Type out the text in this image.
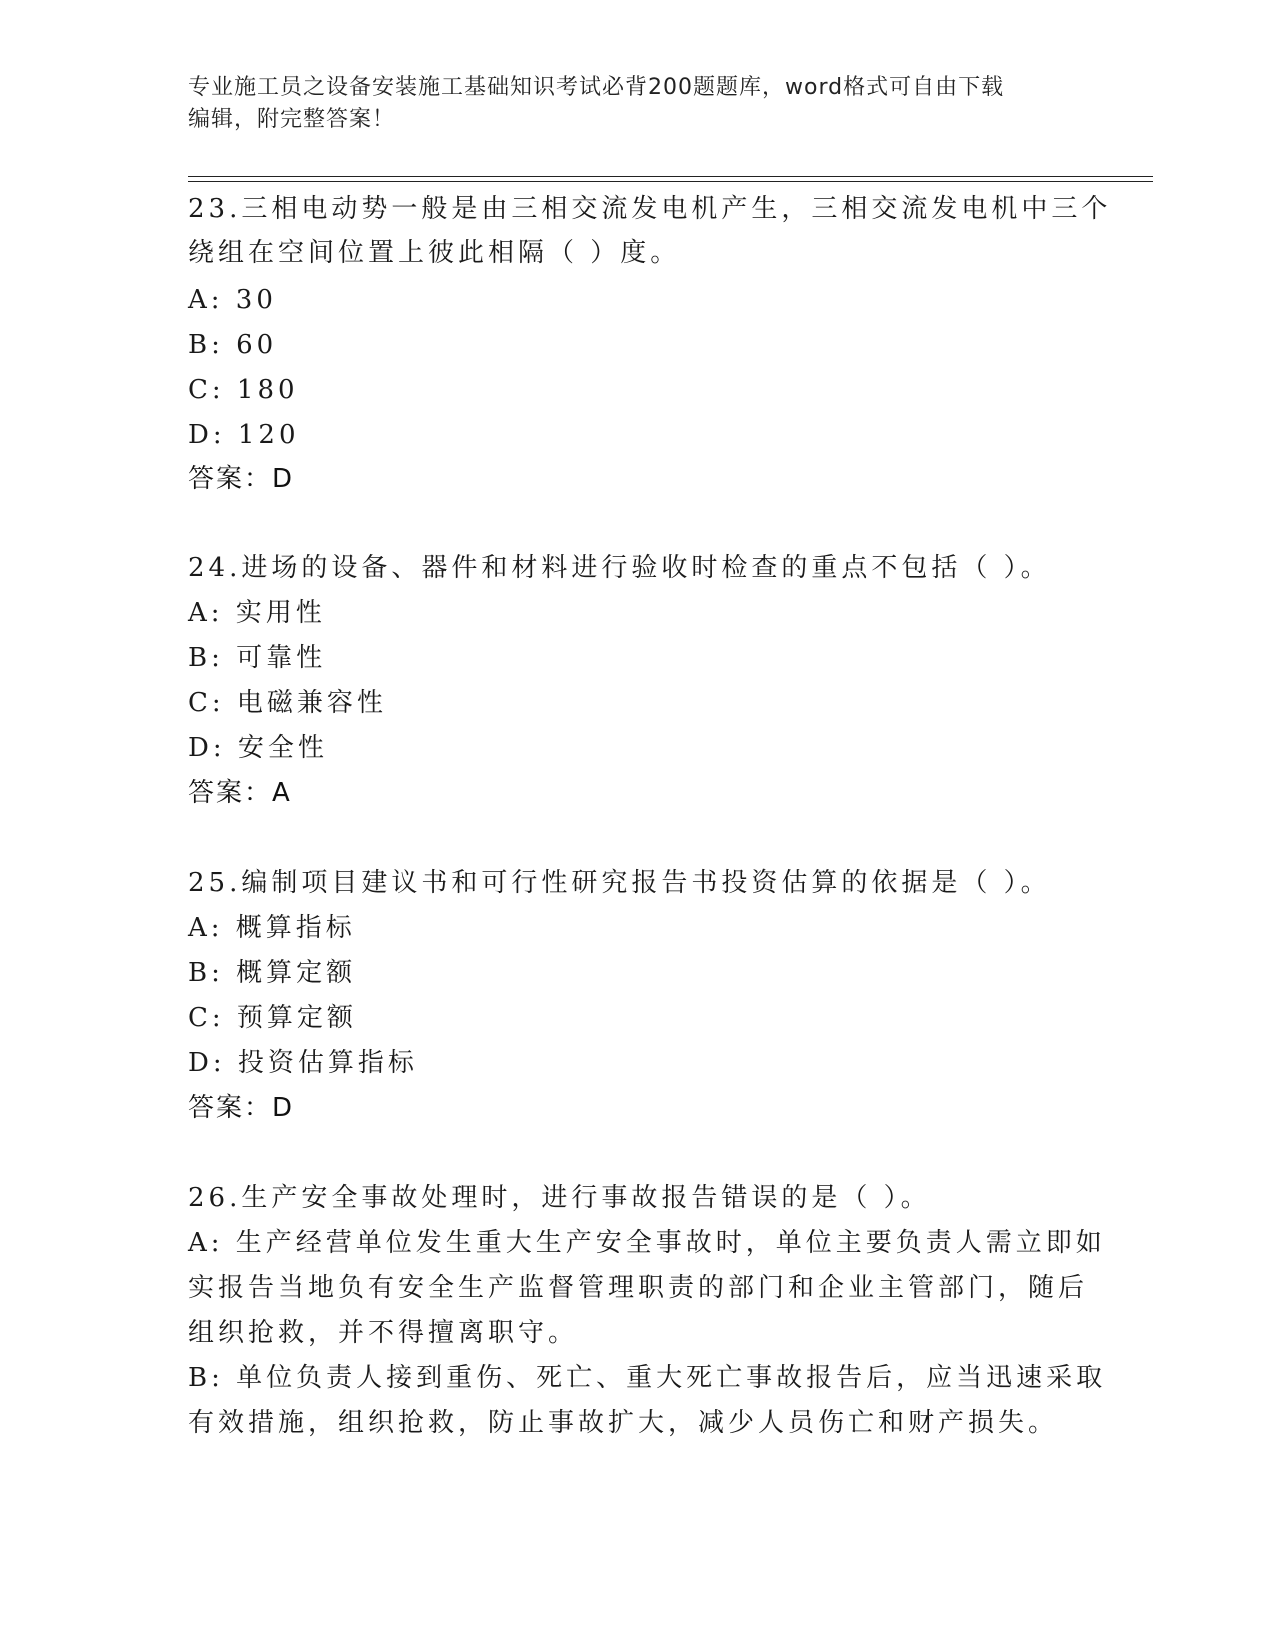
专业施工员之设备安装施工基础知识考试必背200题题库，word格式可自由下载
编辑，附完整答案！
23.三相电动势一般是由三相交流发电机产生，三相交流发电机中三个
绕组在空间位置上彼此相隔（ ）度。
A: 30
B: 60
C: 180
D: 120
答案：D
24.进场的设备、器件和材料进行验收时检查的重点不包括（ ）。
A: 实用性
B: 可靠性
C: 电磁兼容性
D: 安全性
答案：A
25.编制项目建议书和可行性研究报告书投资估算的依据是（ ）。
A: 概算指标
B: 概算定额
C: 预算定额
D: 投资估算指标
答案：D
26.生产安全事故处理时，进行事故报告错误的是（ ）。
A: 生产经营单位发生重大生产安全事故时，单位主要负责人需立即如
实报告当地负有安全生产监督管理职责的部门和企业主管部门，随后
组织抢救，并不得擅离职守。
B: 单位负责人接到重伤、死亡、重大死亡事故报告后，应当迅速采取
有效措施，组织抢救，防止事故扩大，减少人员伤亡和财产损失。
